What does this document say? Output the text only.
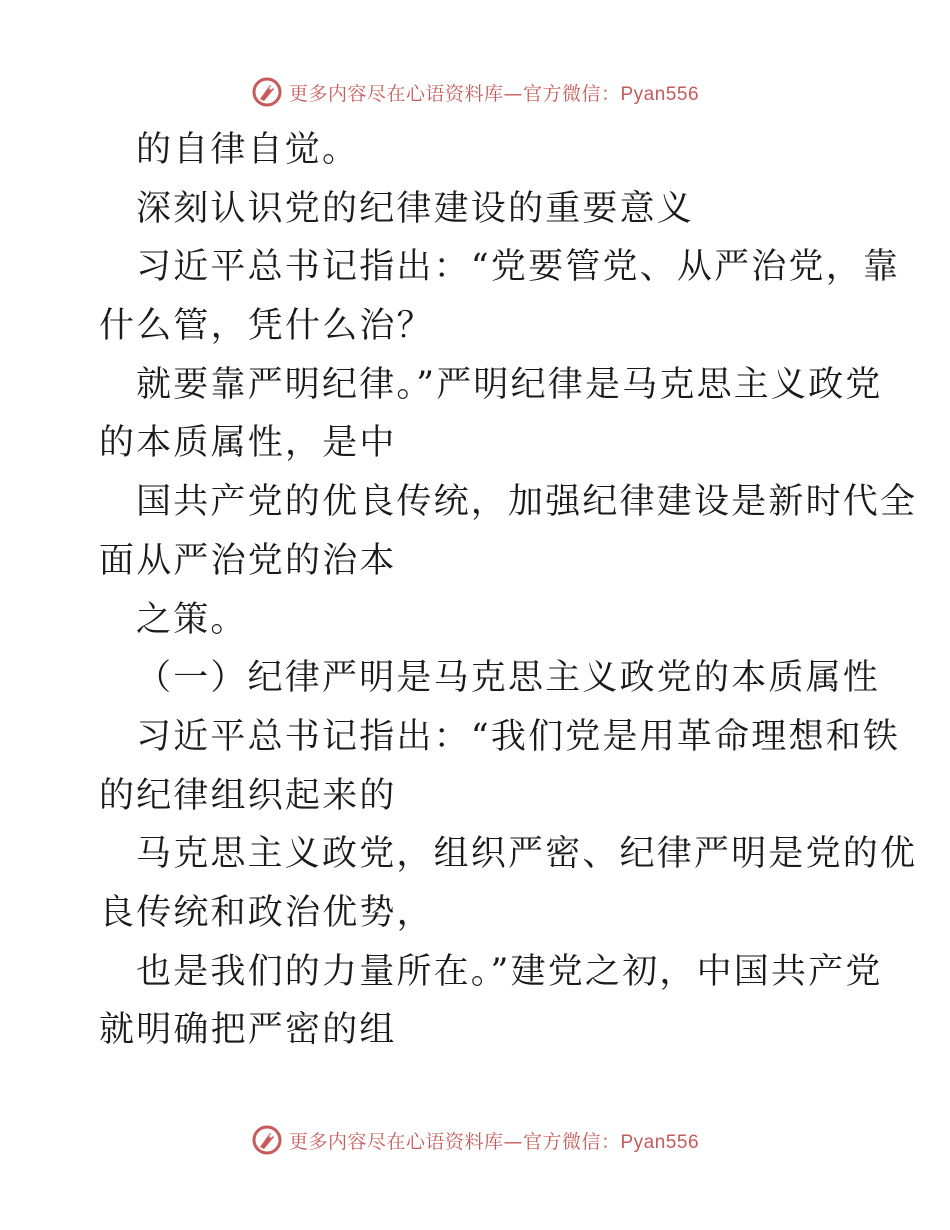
更多内容尽在心语资料库—官方微信：Pyan556
的自律自觉。
深刻认识党的纪律建设的重要意义
习近平总书记指出：“党要管党、从严治党，靠
什么管，凭什么治？
就要靠严明纪律。”严明纪律是马克思主义政党
的本质属性，是中
国共产党的优良传统，加强纪律建设是新时代全
面从严治党的治本
之策。
（一）纪律严明是马克思主义政党的本质属性
习近平总书记指出：“我们党是用革命理想和铁
的纪律组织起来的
马克思主义政党，组织严密、纪律严明是党的优
良传统和政治优势，
也是我们的力量所在。”建党之初，中国共产党
就明确把严密的组
更多内容尽在心语资料库—官方微信：Pyan556
